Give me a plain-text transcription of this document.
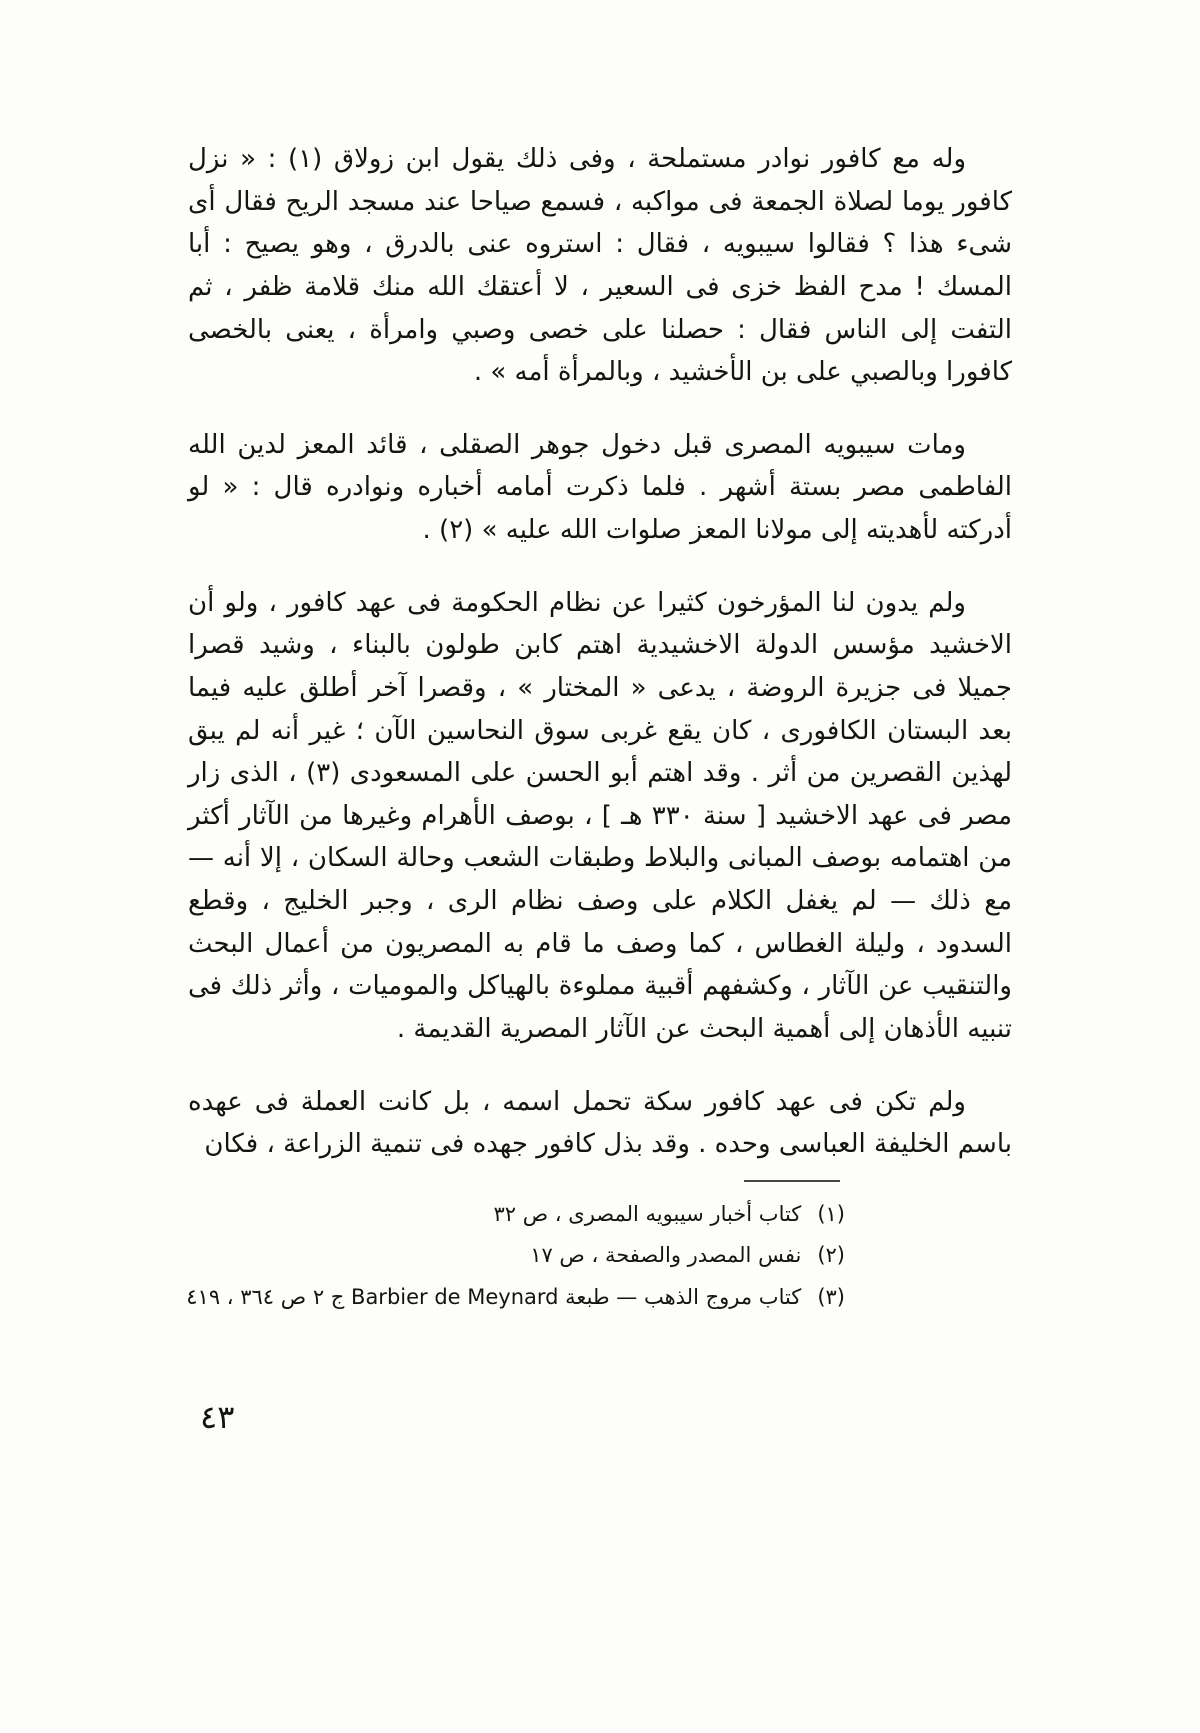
وله مع كافور نوادر مستملحة ، وفى ذلك يقول ابن زولاق (١) : « نزل كافور يوما لصلاة الجمعة فى مواكبه ، فسمع صياحا عند مسجد الريح فقال أى شىء هذا ؟ فقالوا سيبويه ، فقال : استروه عنى بالدرق ، وهو يصيح : أبا المسك ! مدح الفظ خزى فى السعير ، لا أعتقك الله منك قلامة ظفر ، ثم التفت إلى الناس فقال : حصلنا على خصى وصبي وامرأة ، يعنى بالخصى كافورا وبالصبي على بن الأخشيد ، وبالمرأة أمه » .

ومات سيبويه المصرى قبل دخول جوهر الصقلى ، قائد المعز لدين الله الفاطمى مصر بستة أشهر . فلما ذكرت أمامه أخباره ونوادره قال : « لو أدركته لأهديته إلى مولانا المعز صلوات الله عليه » (٢) .

ولم يدون لنا المؤرخون كثيرا عن نظام الحكومة فى عهد كافور ، ولو أن الاخشيد مؤسس الدولة الاخشيدية اهتم كابن طولون بالبناء ، وشيد قصرا جميلا فى جزيرة الروضة ، يدعى « المختار » ، وقصرا آخر أطلق عليه فيما بعد البستان الكافورى ، كان يقع غربى سوق النحاسين الآن ؛ غير أنه لم يبق لهذين القصرين من أثر . وقد اهتم أبو الحسن على المسعودى (٣) ، الذى زار مصر فى عهد الاخشيد [ سنة ٣٣٠ هـ ] ، بوصف الأهرام وغيرها من الآثار أكثر من اهتمامه بوصف المبانى والبلاط وطبقات الشعب وحالة السكان ، إلا أنه — مع ذلك — لم يغفل الكلام على وصف نظام الرى ، وجبر الخليج ، وقطع السدود ، وليلة الغطاس ، كما وصف ما قام به المصريون من أعمال البحث والتنقيب عن الآثار ، وكشفهم أقبية مملوءة بالهياكل والموميات ، وأثر ذلك فى تنبيه الأذهان إلى أهمية البحث عن الآثار المصرية القديمة .

ولم تكن فى عهد كافور سكة تحمل اسمه ، بل كانت العملة فى عهده باسم الخليفة العباسى وحده . وقد بذل كافور جهده فى تنمية الزراعة ، فكان

(١)
كتاب أخبار سيبويه المصرى ، ص ٣٢
(٢)
نفس المصدر والصفحة ، ص ١٧
(٣)
كتاب مروج الذهب — طبعة Barbier de Meynard ج ٢ ص ٣٦٤ ، ٤١٩
٤٣
